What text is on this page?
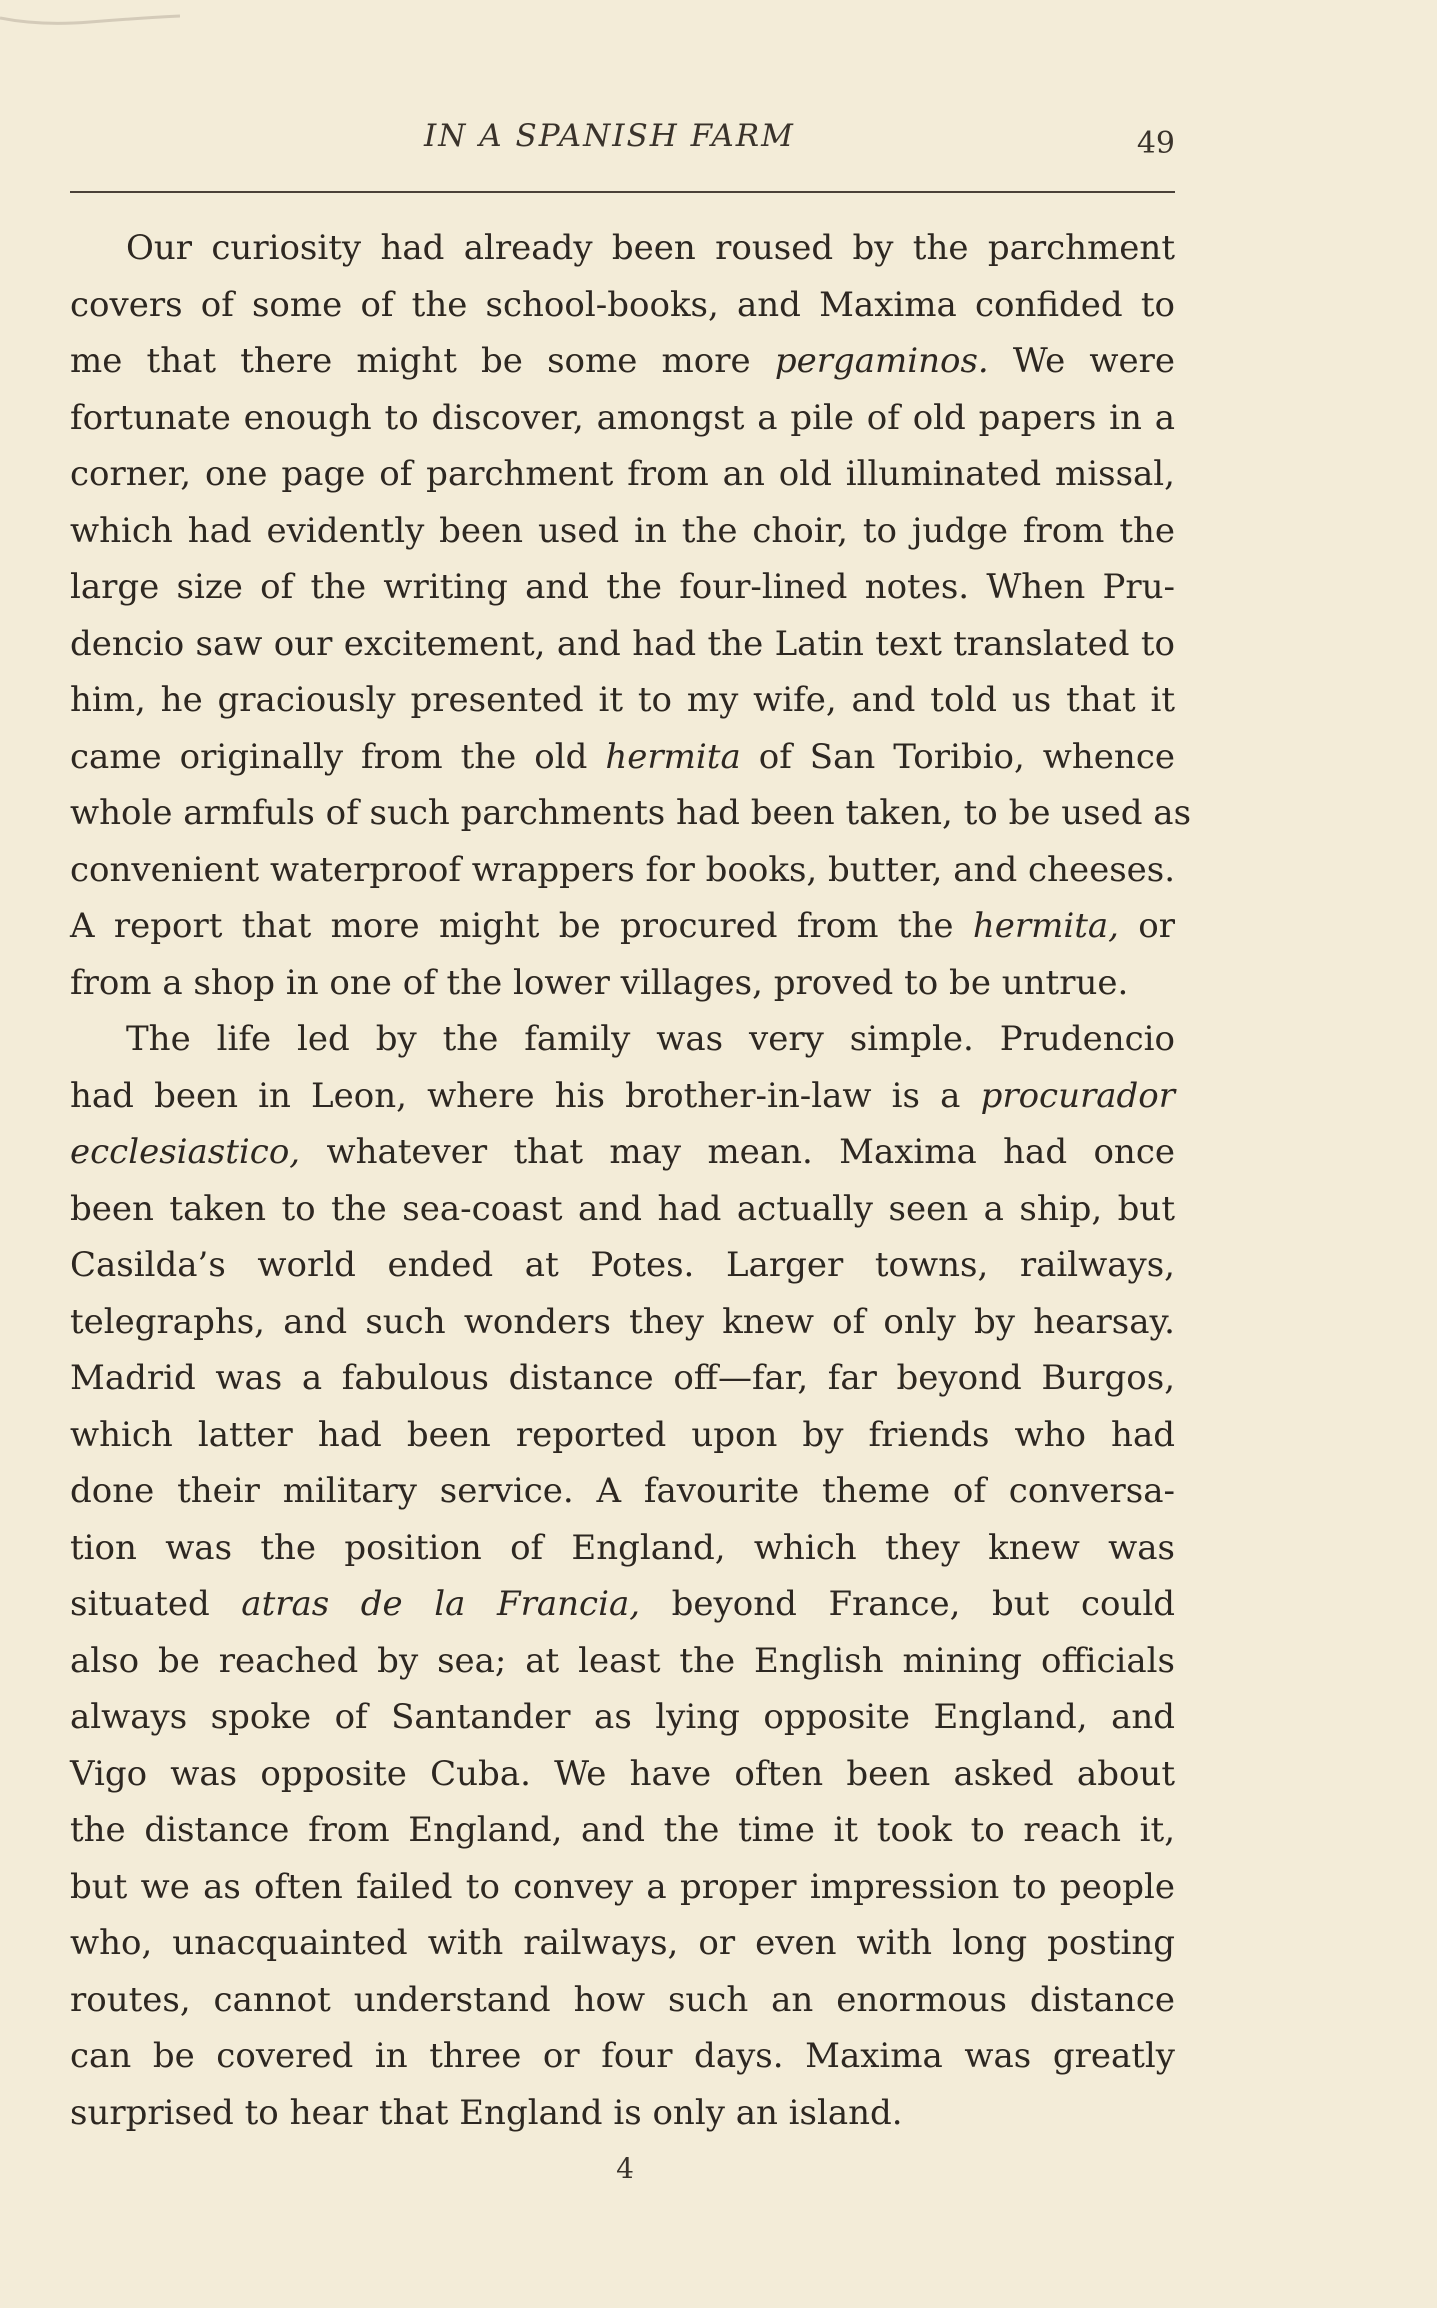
IN A SPANISH FARM	49
Our curiosity had already been roused by the parchment
covers of some of the school-books, and Maxima confided to
me that there might be some more pergaminos. We were
fortunate enough to discover, amongst a pile of old papers in a
corner, one page of parchment from an old illuminated missal,
which had evidently been used in the choir, to judge from the
large size of the writing and the four-lined notes. When Pru-
dencio saw our excitement, and had the Latin text translated to
him, he graciously presented it to my wife, and told us that it
came originally from the old hermita of San Toribio, whence
whole armfuls of such parchments had been taken, to be used as
convenient waterproof wrappers for books, butter, and cheeses.
A report that more might be procured from the hermita, or
from a shop in one of the lower villages, proved to be untrue.
The life led by the family was very simple. Prudencio
had been in Leon, where his brother-in-law is a procurador
ecclesiastico, whatever that may mean. Maxima had once
been taken to the sea-coast and had actually seen a ship, but
Casilda’s world ended at Potes. Larger towns, railways,
telegraphs, and such wonders they knew of only by hearsay.
Madrid was a fabulous distance off—far, far beyond Burgos,
which latter had been reported upon by friends who had
done their military service. A favourite theme of conversa-
tion was the position of England, which they knew was
situated atras de la Francia, beyond France, but could
also be reached by sea; at least the English mining officials
always spoke of Santander as lying opposite England, and
Vigo was opposite Cuba. We have often been asked about
the distance from England, and the time it took to reach it,
but we as often failed to convey a proper impression to people
who, unacquainted with railways, or even with long posting
routes, cannot understand how such an enormous distance
can be covered in three or four days. Maxima was greatly
surprised to hear that England is only an island.
4
